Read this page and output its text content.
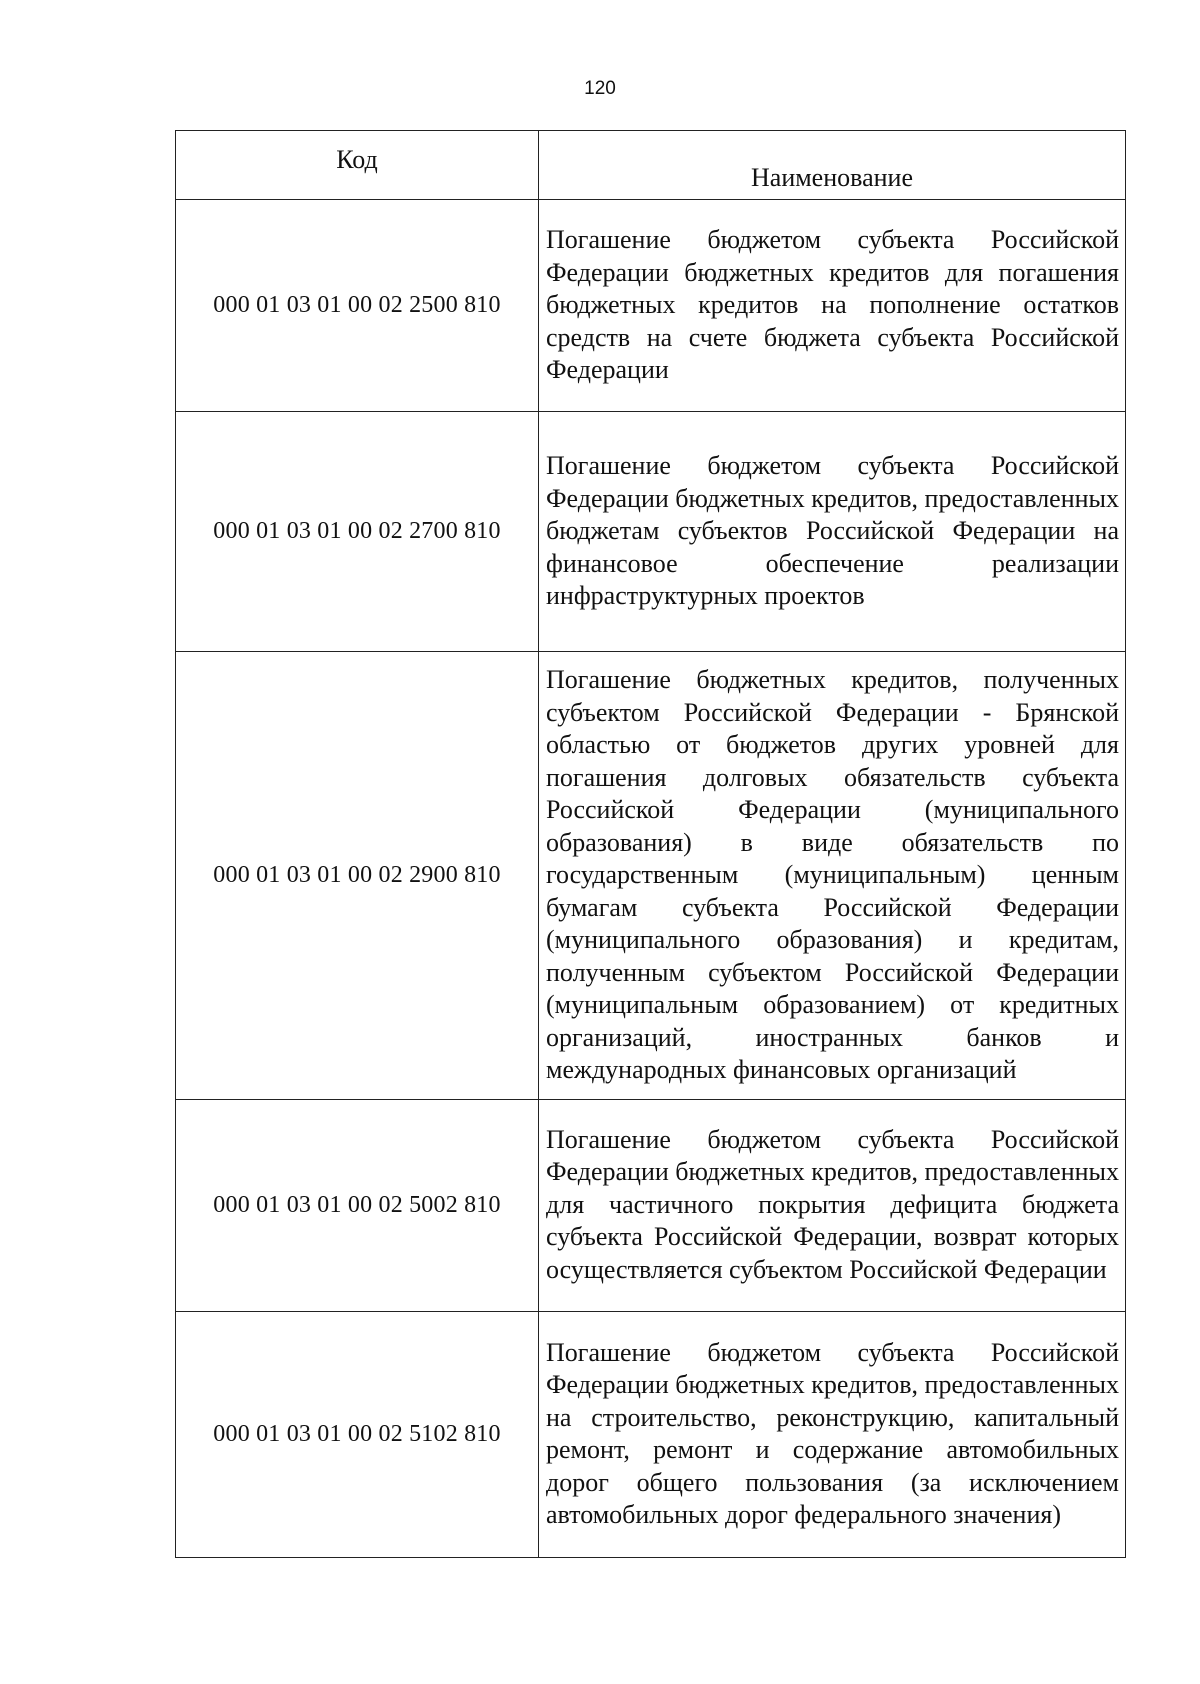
120
Код	Наименование
000 01 03 01 00 02 2500 810	Погашение бюджетом субъекта Российской Федерации бюджетных кредитов для погашения бюджетных кредитов на пополнение остатков средств на счете бюджета субъекта Российской Федерации
000 01 03 01 00 02 2700 810	Погашение бюджетом субъекта Российской Федерации бюджетных кредитов, предоставленных бюджетам субъектов Российской Федерации на финансовое обеспечение реализации инфраструктурных проектов
000 01 03 01 00 02 2900 810	Погашение бюджетных кредитов, полученных субъектом Российской Федерации - Брянской областью от бюджетов других уровней для погашения долговых обязательств субъекта Российской Федерации (муниципального образования) в виде обязательств по государственным (муниципальным) ценным бумагам субъекта Российской Федерации (муниципального образования) и кредитам, полученным субъектом Российской Федерации (муниципальным образованием) от кредитных организаций, иностранных банков и международных финансовых организаций
000 01 03 01 00 02 5002 810	Погашение бюджетом субъекта Российской Федерации бюджетных кредитов, предоставленных для частичного покрытия дефицита бюджета субъекта Российской Федерации, возврат которых осуществляется субъектом Российской Федерации
000 01 03 01 00 02 5102 810	Погашение бюджетом субъекта Российской Федерации бюджетных кредитов, предоставленных на строительство, реконструкцию, капитальный ремонт, ремонт и содержание автомобильных дорог общего пользования (за исключением автомобильных дорог федерального значения)
